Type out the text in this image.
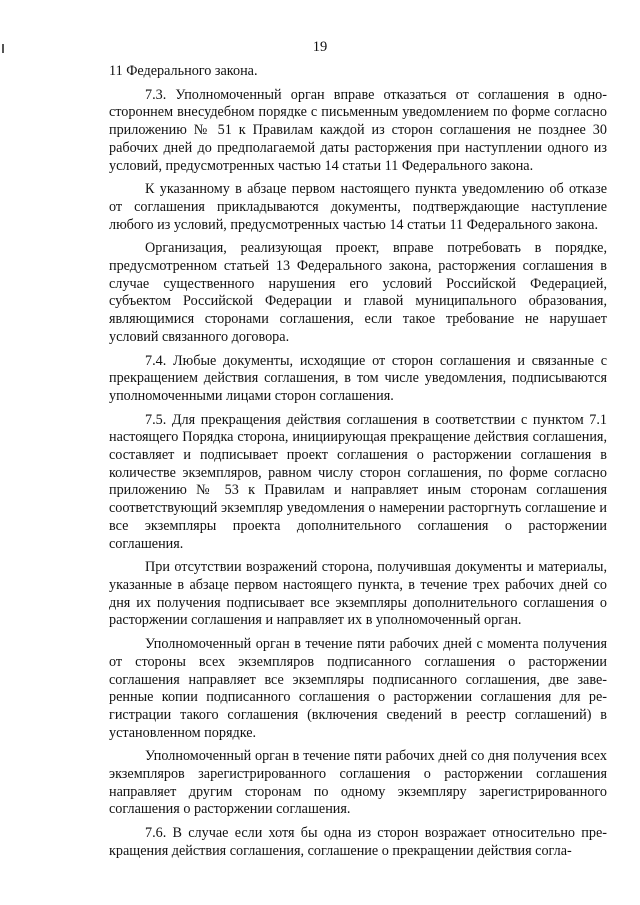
19

11 Федерального закона.

7.3. Уполномоченный орган вправе отказаться от соглашения в одностороннем внесудебном порядке с письменным уведомлением по форме согласно приложению № 51 к Правилам каждой из сторон соглашения не позднее 30 рабочих дней до предполагаемой даты расторжения при наступлении одного из условий, предусмотренных частью 14 статьи 11 Федерального закона.

К указанному в абзаце первом настоящего пункта уведомлению об отказе от соглашения прикладываются документы, подтверждающие наступление любого из условий, предусмотренных частью 14 статьи 11 Федерального закона.

Организация, реализующая проект, вправе потребовать в порядке, предусмотренном статьей 13 Федерального закона, расторжения соглашения в случае существенного нарушения его условий Российской Федерацией, субъектом Российской Федерации и главой муниципального образования, являющимися сторонами соглашения, если такое требование не нарушает условий связанного договора.

7.4. Любые документы, исходящие от сторон соглашения и связанные с прекращением действия соглашения, в том числе уведомления, подписываются уполномоченными лицами сторон соглашения.

7.5. Для прекращения действия соглашения в соответствии с пунктом 7.1 настоящего Порядка сторона, инициирующая прекращение действия соглашения, составляет и подписывает проект соглашения о расторжении соглашения в количестве экземпляров, равном числу сторон соглашения, по форме согласно приложению № 53 к Правилам и направляет иным сторонам соглашения соответствующий экземпляр уведомления о намерении расторгнуть соглашение и все экземпляры проекта дополнительного соглашения о расторжении соглашения.

При отсутствии возражений сторона, получившая документы и материалы, указанные в абзаце первом настоящего пункта, в течение трех рабочих дней со дня их получения подписывает все экземпляры дополнительного соглашения о расторжении соглашения и направляет их в уполномоченный орган.

Уполномоченный орган в течение пяти рабочих дней с момента получения от стороны всех экземпляров подписанного соглашения о расторжении соглашения направляет все экземпляры подписанного соглашения, две заверенные копии подписанного соглашения о расторжении соглашения для регистрации такого соглашения (включения сведений в реестр соглашений) в установленном порядке.

Уполномоченный орган в течение пяти рабочих дней со дня получения всех экземпляров зарегистрированного соглашения о расторжении соглашения направляет другим сторонам по одному экземпляру зарегистрированного соглашения о расторжении соглашения.

7.6. В случае если хотя бы одна из сторон возражает относительно прекращения действия соглашения, соглашение о прекращении действия согла-
